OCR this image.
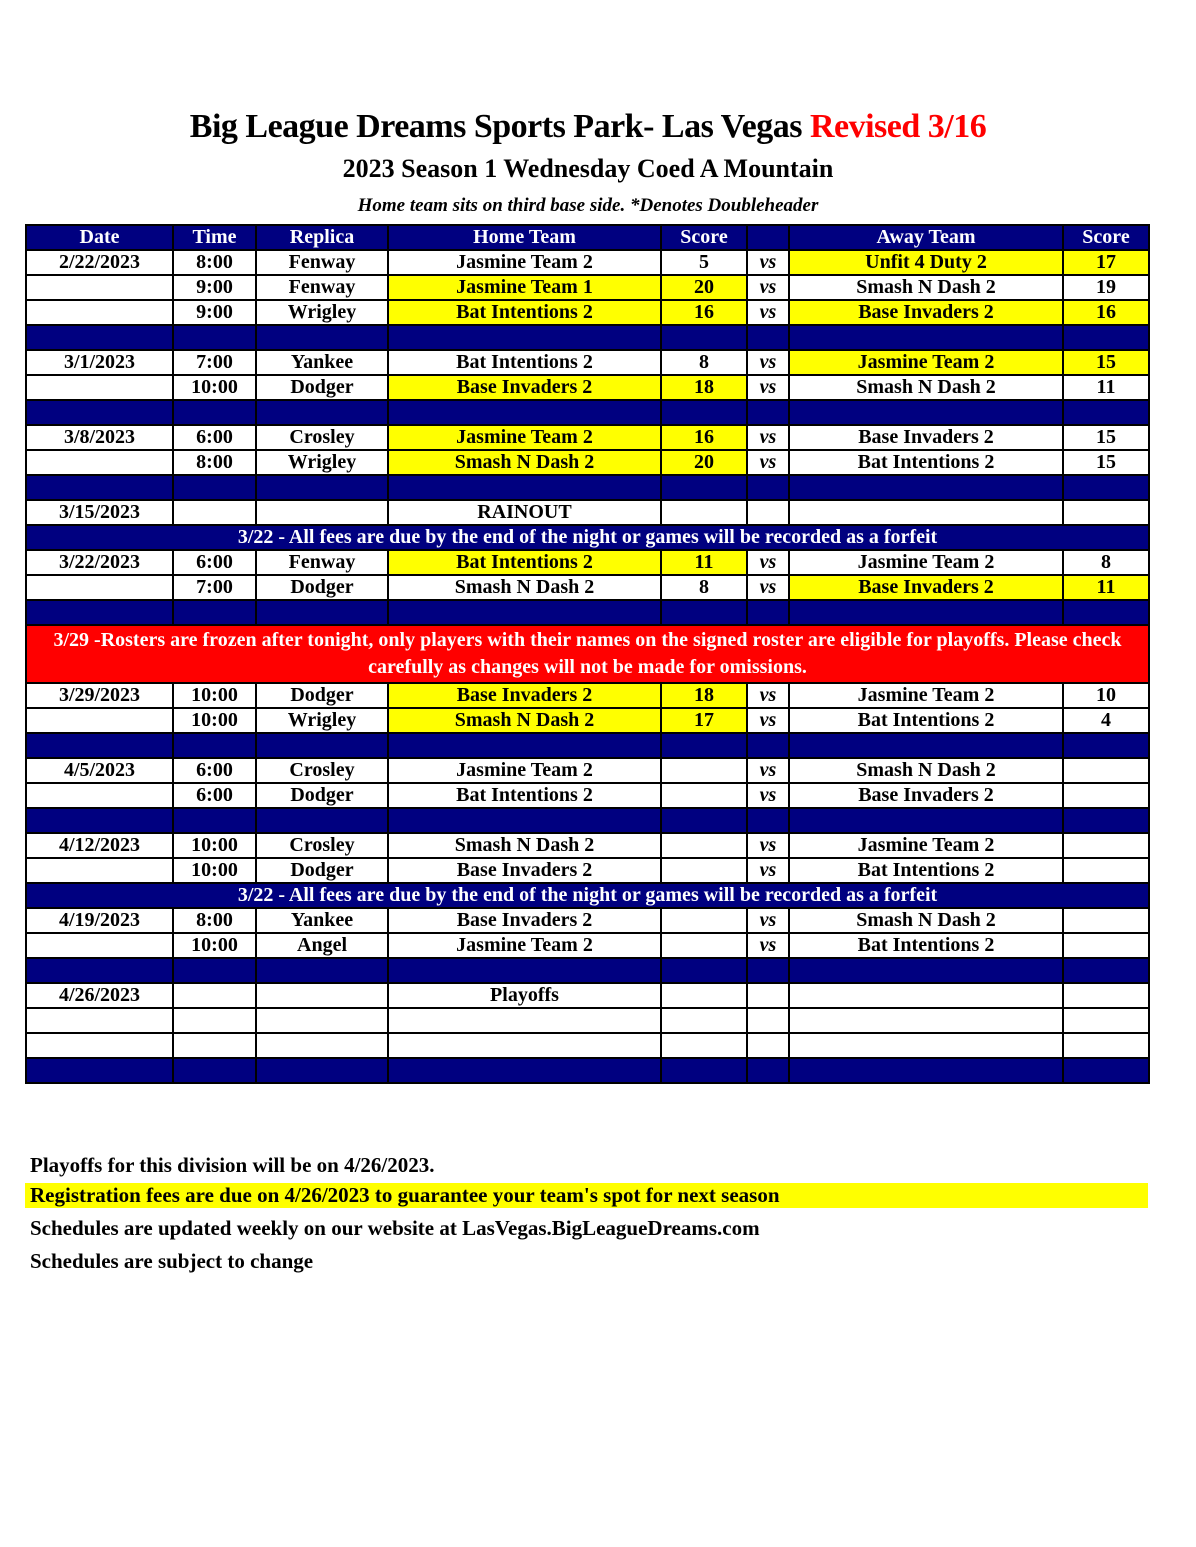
Big League Dreams Sports Park- Las Vegas Revised 3/16
2023 Season 1 Wednesday Coed A Mountain
Home team sits on third base side. *Denotes Doubleheader
Date	Time	Replica	Home Team	Score		Away Team	Score
2/22/2023	8:00	Fenway	Jasmine Team 2	5	vs	Unfit 4 Duty 2	17
	9:00	Fenway	Jasmine Team 1	20	vs	Smash N Dash 2	19
	9:00	Wrigley	Bat Intentions 2	16	vs	Base Invaders 2	16

3/1/2023	7:00	Yankee	Bat Intentions 2	8	vs	Jasmine Team 2	15
	10:00	Dodger	Base Invaders 2	18	vs	Smash N Dash 2	11

3/8/2023	6:00	Crosley	Jasmine Team 2	16	vs	Base Invaders 2	15
	8:00	Wrigley	Smash N Dash 2	20	vs	Bat Intentions 2	15

3/15/2023			RAINOUT				
3/22 - All fees are due by the end of the night or games will be recorded as a forfeit							
3/22/2023	6:00	Fenway	Bat Intentions 2	11	vs	Jasmine Team 2	8
	7:00	Dodger	Smash N Dash 2	8	vs	Base Invaders 2	11

3/29 -Rosters are frozen after tonight, only players with their names on the signed roster are eligible for playoffs. Please check carefully as changes will not be made for omissions.							
3/29/2023	10:00	Dodger	Base Invaders 2	18	vs	Jasmine Team 2	10
	10:00	Wrigley	Smash N Dash 2	17	vs	Bat Intentions 2	4

4/5/2023	6:00	Crosley	Jasmine Team 2		vs	Smash N Dash 2	
	6:00	Dodger	Bat Intentions 2		vs	Base Invaders 2	

4/12/2023	10:00	Crosley	Smash N Dash 2		vs	Jasmine Team 2	
	10:00	Dodger	Base Invaders 2		vs	Bat Intentions 2	
3/22 - All fees are due by the end of the night or games will be recorded as a forfeit							
4/19/2023	8:00	Yankee	Base Invaders 2		vs	Smash N Dash 2	
	10:00	Angel	Jasmine Team 2		vs	Bat Intentions 2	

4/26/2023			Playoffs				

Playoffs for this division will be on 4/26/2023.
Registration fees are due on 4/26/2023 to guarantee your team's spot for next season
Schedules are updated weekly on our website at LasVegas.BigLeagueDreams.com
Schedules are subject to change
